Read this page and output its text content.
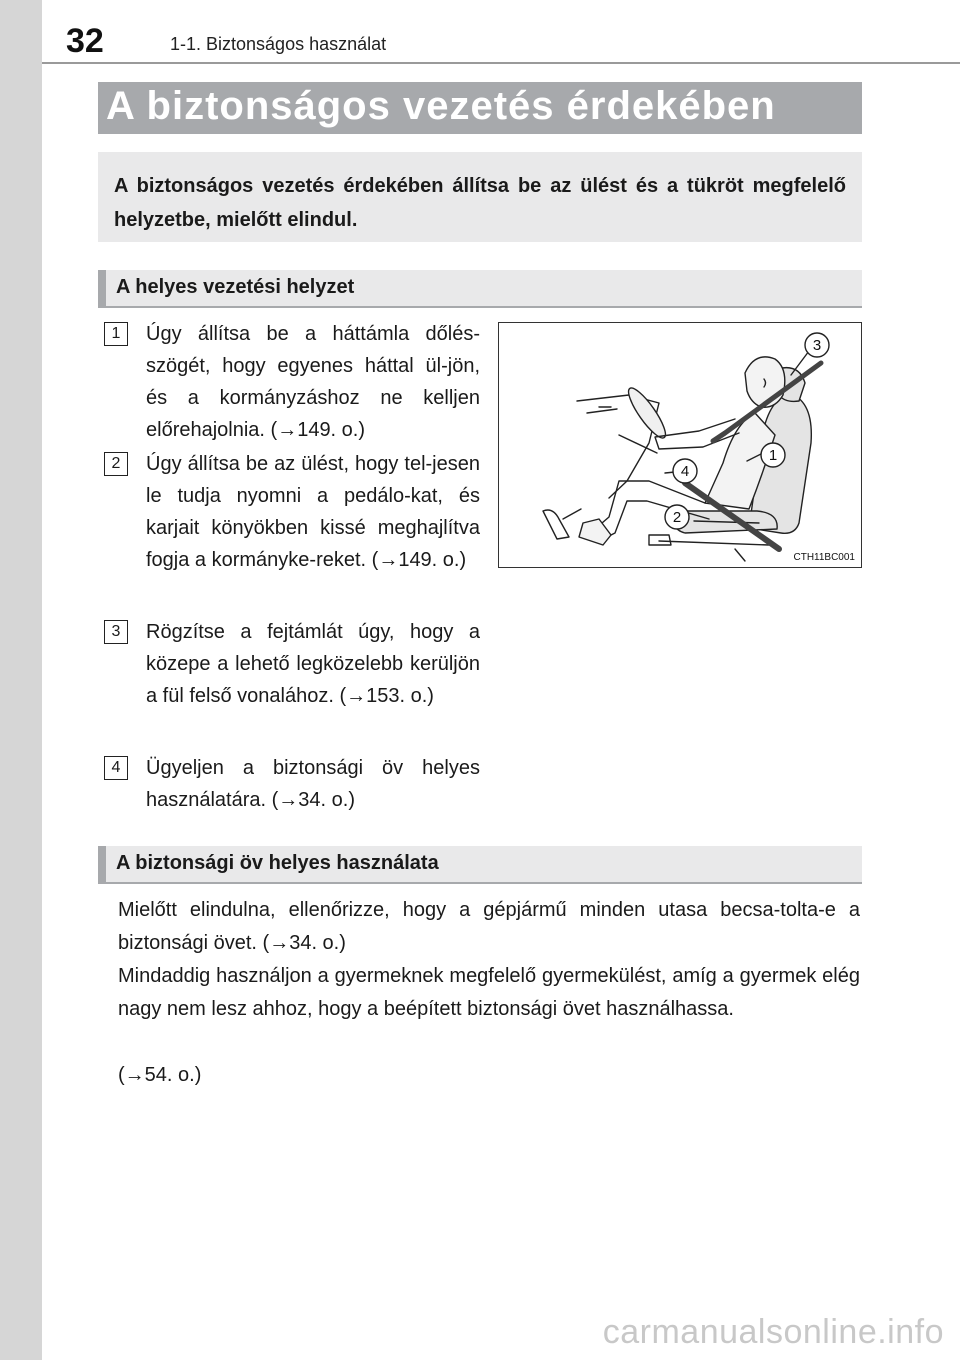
32	1-1. Biztonságos használat
A biztonságos vezetés érdekében
A biztonságos vezetés érdekében állítsa be az ülést és a tükröt megfelelő helyzetbe, mielőtt elindul.
A helyes vezetési helyzet
1	Úgy állítsa be a háttámla dőlés-szögét, hogy egyenes háttal ül-jön, és a kormányzáshoz ne kelljen előrehajolnia. (→149. o.)
2	Úgy állítsa be az ülést, hogy tel-jesen le tudja nyomni a pedálo-kat, és karjait könyökben kissé meghajlítva fogja a kormányke-reket. (→149. o.)
3	Rögzítse a fejtámlát úgy, hogy a közepe a lehető legközelebb kerüljön a fül felső vonalához. (→153. o.)
4	Ügyeljen a biztonsági öv helyes használatára. (→34. o.)
3
1
4
2
CTH11BC001
A biztonsági öv helyes használata
Mielőtt elindulna, ellenőrizze, hogy a gépjármű minden utasa becsa-tolta-e a biztonsági övet. (→34. o.)
Mindaddig használjon a gyermeknek megfelelő gyermekülést, amíg a gyermek elég nagy nem lesz ahhoz, hogy a beépített biztonsági övet használhassa.
(→54. o.)
carmanualsonline.info
